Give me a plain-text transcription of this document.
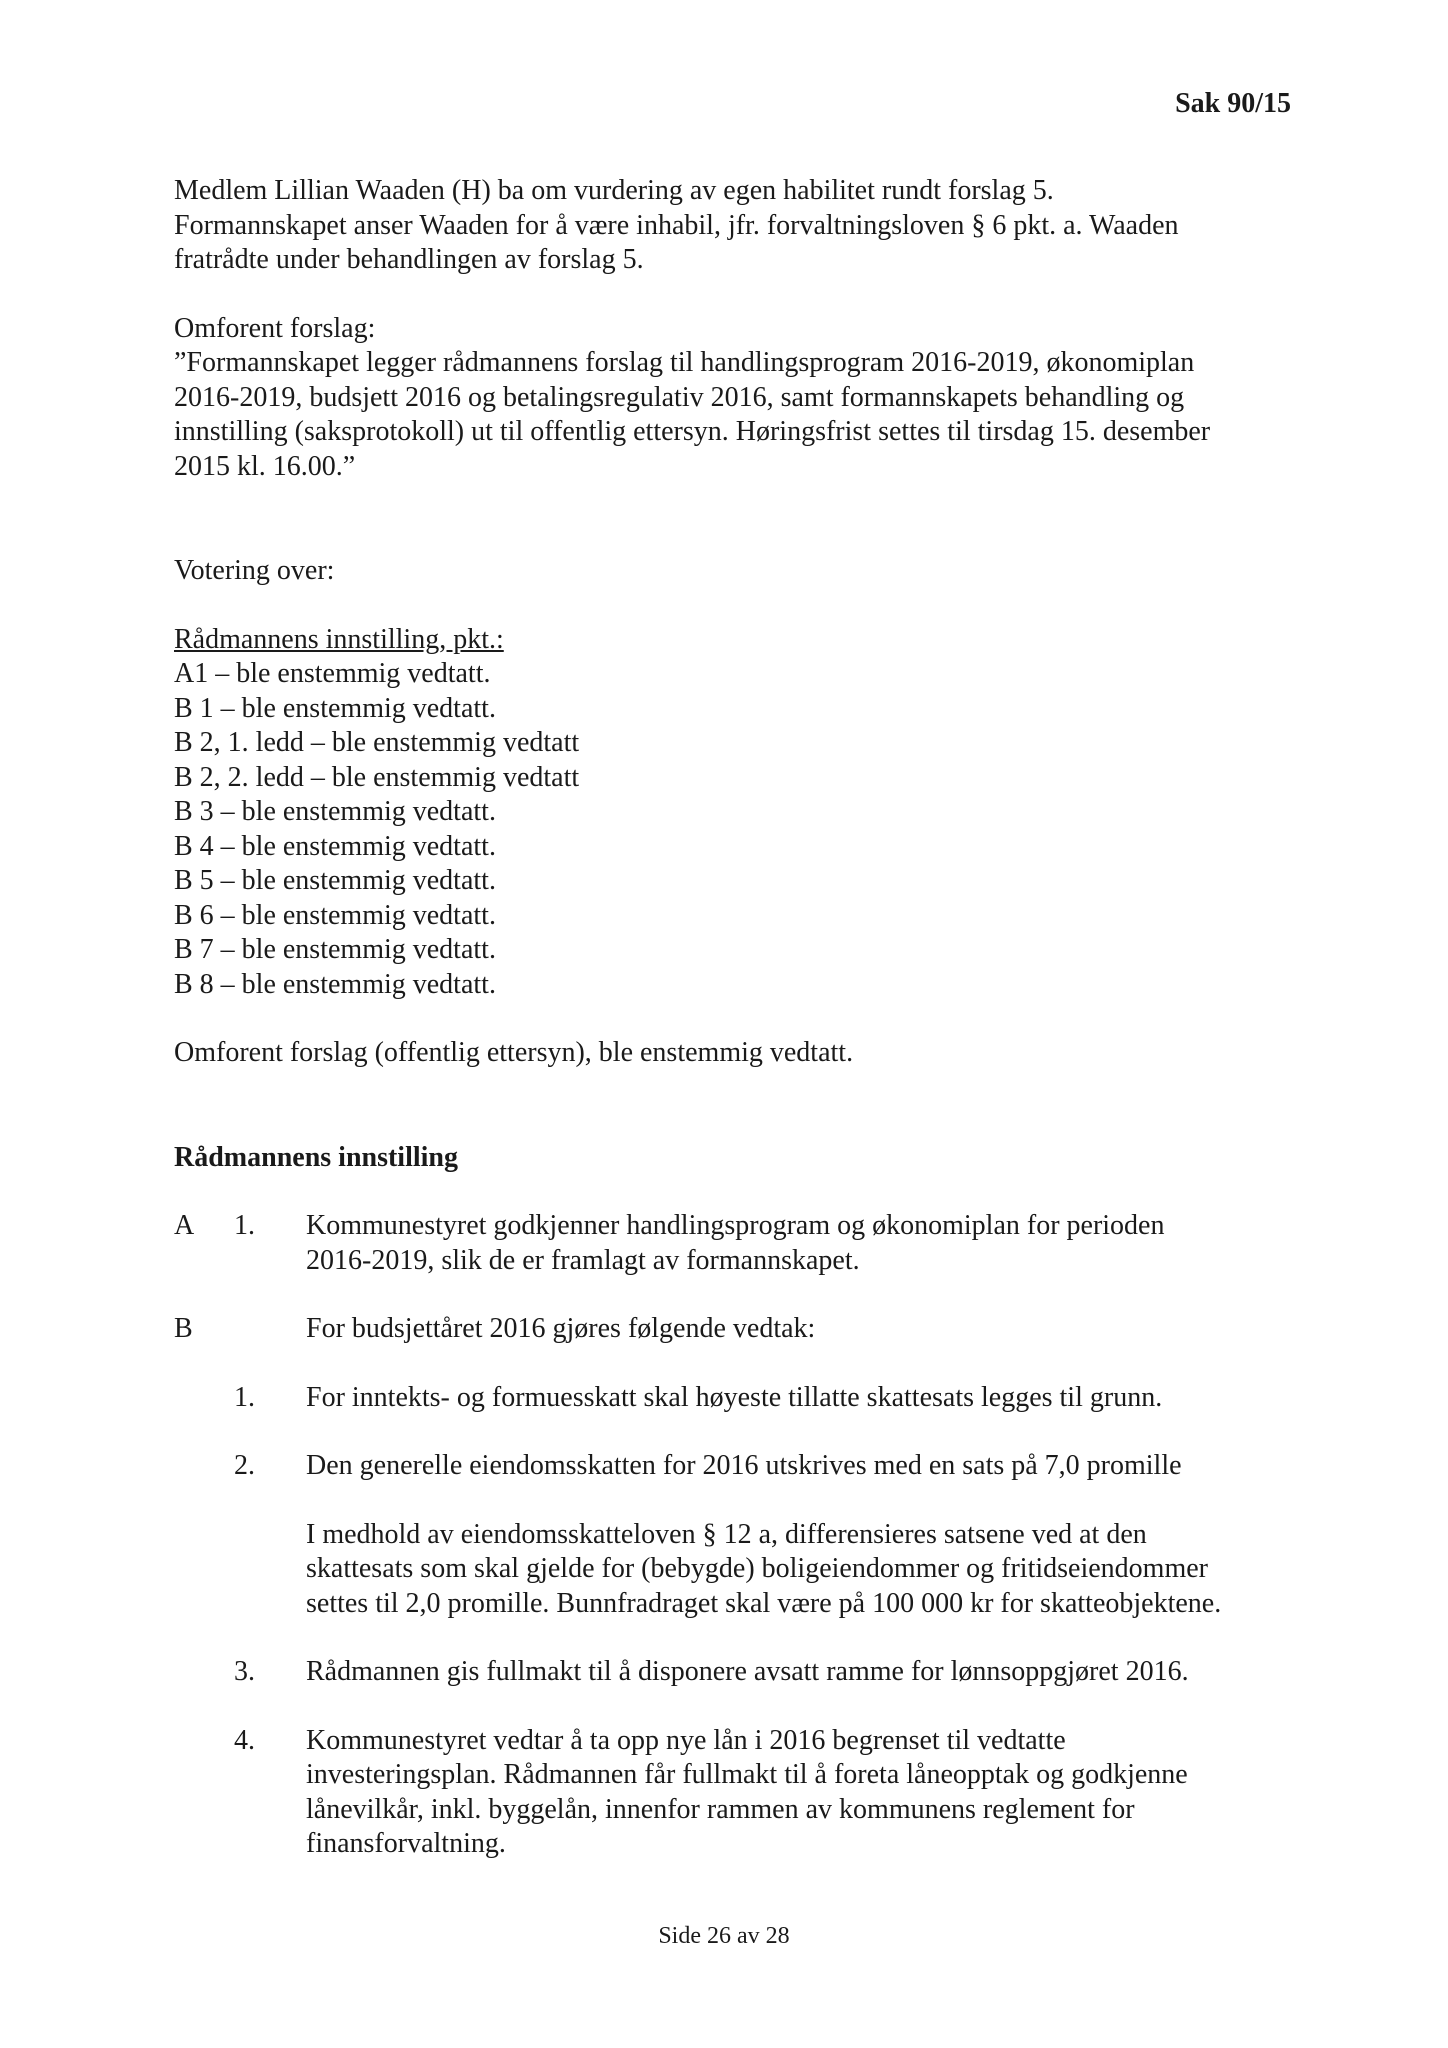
Sak 90/15

Medlem Lillian Waaden (H) ba om vurdering av egen habilitet rundt forslag 5.

Formannskapet anser Waaden for å være inhabil, jfr. forvaltningsloven § 6 pkt. a. Waaden

fratrådte under behandlingen av forslag 5.

Omforent forslag:

”Formannskapet legger rådmannens forslag til handlingsprogram 2016-2019, økonomiplan

2016-2019, budsjett 2016 og betalingsregulativ 2016, samt formannskapets behandling og

innstilling (saksprotokoll) ut til offentlig ettersyn. Høringsfrist settes til tirsdag 15. desember

2015 kl. 16.00.”

Votering over:

Rådmannens innstilling, pkt.:

A1 – ble enstemmig vedtatt.

B 1 – ble enstemmig vedtatt.

B 2, 1. ledd – ble enstemmig vedtatt

B 2, 2. ledd – ble enstemmig vedtatt

B 3 – ble enstemmig vedtatt.

B 4 – ble enstemmig vedtatt.

B 5 – ble enstemmig vedtatt.

B 6 – ble enstemmig vedtatt.

B 7 – ble enstemmig vedtatt.

B 8 – ble enstemmig vedtatt.

Omforent forslag (offentlig ettersyn), ble enstemmig vedtatt.

Rådmannens innstilling

A	1.	Kommunestyret godkjenner handlingsprogram og økonomiplan for perioden

2016-2019, slik de er framlagt av formannskapet.

B	For budsjettåret 2016 gjøres følgende vedtak:
1.	For inntekts- og formuesskatt skal høyeste tillatte skattesats legges til grunn.

2.	Den generelle eiendomsskatten for 2016 utskrives med en sats på 7,0 promille

I medhold av eiendomsskatteloven § 12 a, differensieres satsene ved at den

skattesats som skal gjelde for (bebygde) boligeiendommer og fritidseiendommer

settes til 2,0 promille. Bunnfradraget skal være på 100 000 kr for skatteobjektene.

3.	Rådmannen gis fullmakt til å disponere avsatt ramme for lønnsoppgjøret 2016.

4.	Kommunestyret vedtar å ta opp nye lån i 2016 begrenset til vedtatte

investeringsplan. Rådmannen får fullmakt til å foreta låneopptak og godkjenne

lånevilkår, inkl. byggelån, innenfor rammen av kommunens reglement for

finansforvaltning.

Side 26 av 28
